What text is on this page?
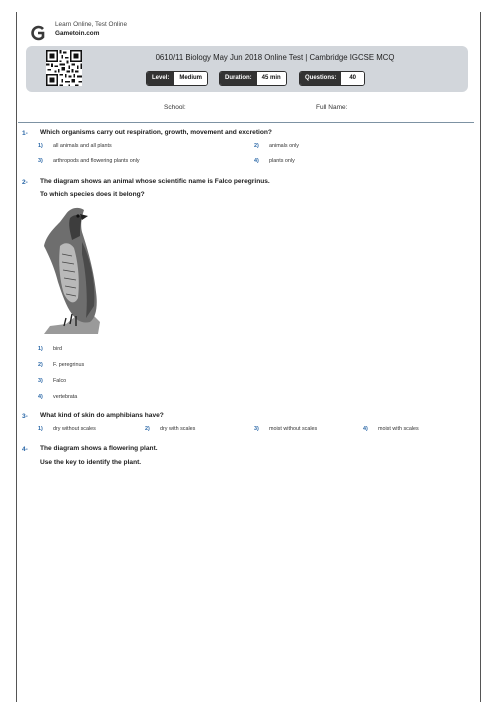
Learn Online, Test Online
Gametoin.com
0610/11 Biology May Jun 2018 Online Test | Cambridge IGCSE MCQ
Level:	Medium	Duration:	45 min	Questions:	40
School:	Full Name:
1- Which organisms carry out respiration, growth, movement and excretion?
1) all animals and all plants	2) animals only
3) arthropods and flowering plants only	4) plants only
2- The diagram shows an animal whose scientific name is Falco peregrinus.
To which species does it belong?
1) bird
2) F. peregrinus
3) Falco
4) vertebrata
3- What kind of skin do amphibians have?
1) dry without scales	2) dry with scales	3) moist without scales	4) moist with scales
4- The diagram shows a flowering plant.
Use the key to identify the plant.
